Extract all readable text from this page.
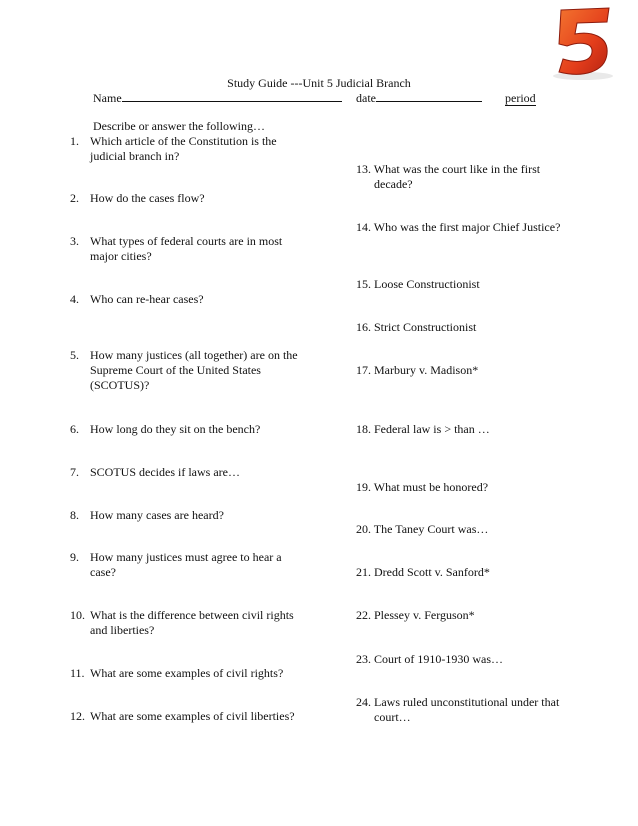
5
Study Guide ---Unit 5 Judicial Branch
Name	date	period
Describe or answer the following…
1. Which article of the Constitution is the judicial branch in?
2. How do the cases flow?
3. What types of federal courts are in most major cities?
4. Who can re-hear cases?
5. How many justices (all together) are on the Supreme Court of the United States (SCOTUS)?
6. How long do they sit on the bench?
7. SCOTUS decides if laws are…
8. How many cases are heard?
9. How many justices must agree to hear a case?
10. What is the difference between civil rights and liberties?
11. What are some examples of civil rights?
12. What are some examples of civil liberties?
13. What was the court like in the first decade?
14. Who was the first major Chief Justice?
15. Loose Constructionist
16. Strict Constructionist
17. Marbury v. Madison*
18. Federal law is > than …
19. What must be honored?
20. The Taney Court was…
21. Dredd Scott v. Sanford*
22. Plessey v. Ferguson*
23. Court of 1910-1930 was…
24. Laws ruled unconstitutional under that court…
